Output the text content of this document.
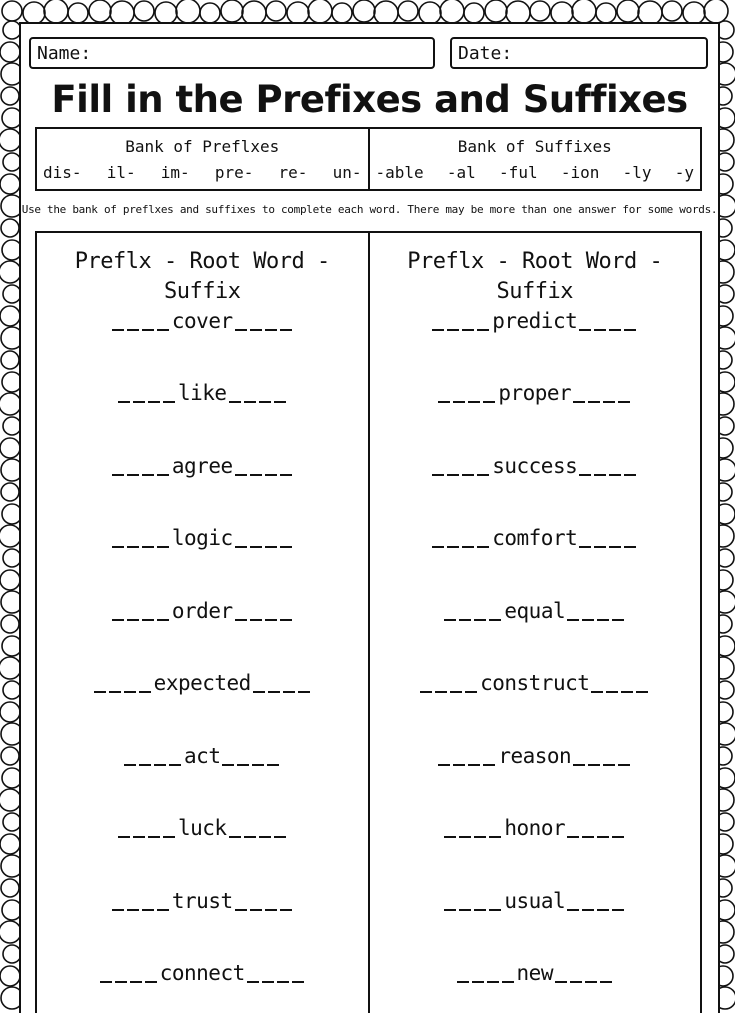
Name:	Date:
Fill in the Prefixes and Suffixes
Bank of Preflxes
dis- il- im- pre- re- un-
Bank of Suffixes
-able -al -ful -ion -ly -y
Use the bank of preflxes and suffixes to complete each word. There may be more than one answer for some words.
Preflx - Root Word - Suffix
cover
like
agree
logic
order
expected
act
luck
trust
connect
Preflx - Root Word - Suffix
predict
proper
success
comfort
equal
construct
reason
honor
usual
new
